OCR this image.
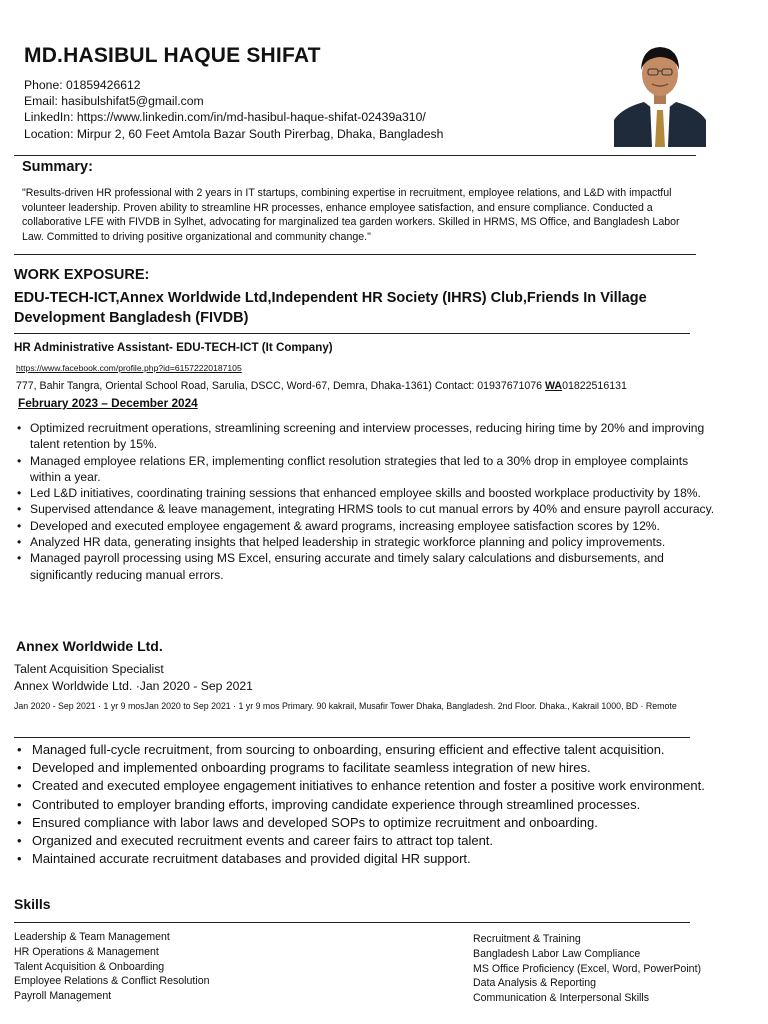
MD.HASIBUL HAQUE SHIFAT
Phone: 01859426612
Email: hasibulshifat5@gmail.com
LinkedIn: https://www.linkedin.com/in/md-hasibul-haque-shifat-02439a310/
Location: Mirpur 2, 60 Feet Amtola Bazar South Pirerbag, Dhaka, Bangladesh
Summary:
"Results-driven HR professional with 2 years in IT startups, combining expertise in recruitment, employee relations, and L&D with impactful volunteer leadership. Proven ability to streamline HR processes, enhance employee satisfaction, and ensure compliance. Conducted a collaborative LFE with FIVDB in Sylhet, advocating for marginalized tea garden workers. Skilled in HRMS, MS Office, and Bangladesh Labor Law. Committed to driving positive organizational and community change."
WORK EXPOSURE:
EDU-TECH-ICT,Annex Worldwide Ltd,Independent HR Society (IHRS) Club,Friends In Village Development Bangladesh (FIVDB)
HR Administrative Assistant- EDU-TECH-ICT (It Company)
https://www.facebook.com/profile.php?id=61572220187105
777, Bahir Tangra, Oriental School Road, Sarulia, DSCC, Word-67, Demra, Dhaka-1361) Contact: 01937671076 WA01822516131
February 2023 – December 2024
• Optimized recruitment operations, streamlining screening and interview processes, reducing hiring time by 20% and improving talent retention by 15%.
• Managed employee relations ER, implementing conflict resolution strategies that led to a 30% drop in employee complaints within a year.
• Led L&D initiatives, coordinating training sessions that enhanced employee skills and boosted workplace productivity by 18%.
• Supervised attendance & leave management, integrating HRMS tools to cut manual errors by 40% and ensure payroll accuracy.
• Developed and executed employee engagement & award programs, increasing employee satisfaction scores by 12%.
• Analyzed HR data, generating insights that helped leadership in strategic workforce planning and policy improvements.
• Managed payroll processing using MS Excel, ensuring accurate and timely salary calculations and disbursements, and significantly reducing manual errors.
Annex Worldwide Ltd.
Talent Acquisition Specialist
Annex Worldwide Ltd. ·Jan 2020 - Sep 2021
Jan 2020 - Sep 2021 · 1 yr 9 mosJan 2020 to Sep 2021 · 1 yr 9 mos Primary. 90 kakrail, Musafir Tower Dhaka, Bangladesh. 2nd Floor. Dhaka., Kakrail 1000, BD · Remote
• Managed full-cycle recruitment, from sourcing to onboarding, ensuring efficient and effective talent acquisition.
• Developed and implemented onboarding programs to facilitate seamless integration of new hires.
• Created and executed employee engagement initiatives to enhance retention and foster a positive work environment.
• Contributed to employer branding efforts, improving candidate experience through streamlined processes.
• Ensured compliance with labor laws and developed SOPs to optimize recruitment and onboarding.
• Organized and executed recruitment events and career fairs to attract top talent.
• Maintained accurate recruitment databases and provided digital HR support.
Skills
Leadership & Team Management
HR Operations & Management
Talent Acquisition & Onboarding
Employee Relations & Conflict Resolution
Payroll Management
Recruitment & Training
Bangladesh Labor Law Compliance
MS Office Proficiency (Excel, Word, PowerPoint)
Data Analysis & Reporting
Communication & Interpersonal Skills
